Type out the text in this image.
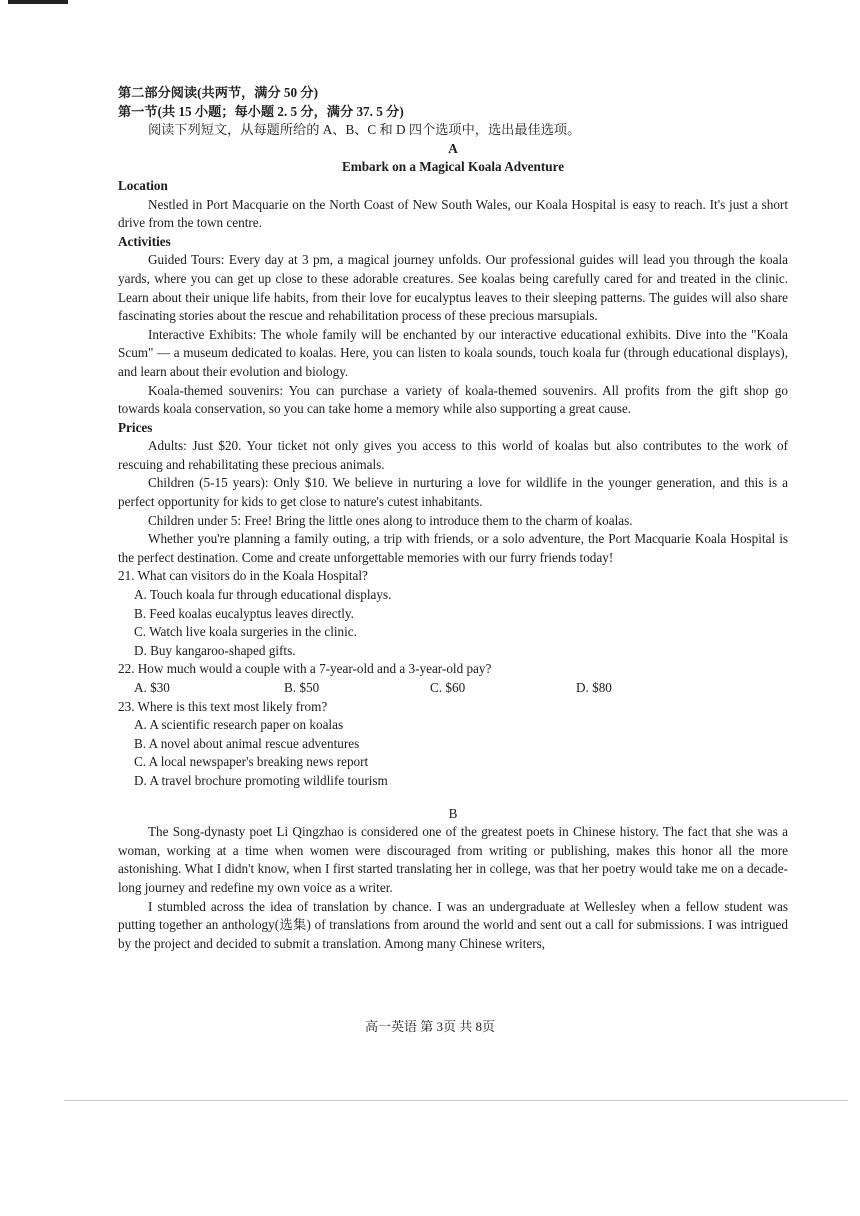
第二部分阅读(共两节，满分 50 分)

第一节(共 15 小题；每小题 2. 5 分，满分 37. 5 分)

阅读下列短文，从每题所给的 A、B、C 和 D 四个选项中，选出最佳选项。

A

Embark on a Magical Koala Adventure

Location

Nestled in Port Macquarie on the North Coast of New South Wales, our Koala Hospital is easy to reach. It's just a short drive from the town centre.

Activities

Guided Tours: Every day at 3 pm, a magical journey unfolds. Our professional guides will lead you through the koala yards, where you can get up close to these adorable creatures. See koalas being carefully cared for and treated in the clinic. Learn about their unique life habits, from their love for eucalyptus leaves to their sleeping patterns. The guides will also share fascinating stories about the rescue and rehabilitation process of these precious marsupials.

Interactive Exhibits: The whole family will be enchanted by our interactive educational exhibits. Dive into the "Koala Scum" — a museum dedicated to koalas. Here, you can listen to koala sounds, touch koala fur (through educational displays), and learn about their evolution and biology.

Koala-themed souvenirs: You can purchase a variety of koala-themed souvenirs. All profits from the gift shop go towards koala conservation, so you can take home a memory while also supporting a great cause.

Prices

Adults: Just $20. Your ticket not only gives you access to this world of koalas but also contributes to the work of rescuing and rehabilitating these precious animals.

Children (5-15 years): Only $10. We believe in nurturing a love for wildlife in the younger generation, and this is a perfect opportunity for kids to get close to nature's cutest inhabitants.

Children under 5: Free! Bring the little ones along to introduce them to the charm of koalas.

Whether you're planning a family outing, a trip with friends, or a solo adventure, the Port Macquarie Koala Hospital is the perfect destination. Come and create unforgettable memories with our furry friends today!

21. What can visitors do in the Koala Hospital?

A. Touch koala fur through educational displays.

B. Feed koalas eucalyptus leaves directly.

C. Watch live koala surgeries in the clinic.

D. Buy kangaroo-shaped gifts.

22. How much would a couple with a 7-year-old and a 3-year-old pay?

A. $30	B. $50	C. $60	D. $80

23. Where is this text most likely from?

A. A scientific research paper on koalas

B. A novel about animal rescue adventures

C. A local newspaper's breaking news report

D. A travel brochure promoting wildlife tourism

B

The Song-dynasty poet Li Qingzhao is considered one of the greatest poets in Chinese history. The fact that she was a woman, working at a time when women were discouraged from writing or publishing, makes this honor all the more astonishing. What I didn't know, when I first started translating her in college, was that her poetry would take me on a decade-long journey and redefine my own voice as a writer.

I stumbled across the idea of translation by chance. I was an undergraduate at Wellesley when a fellow student was putting together an anthology(选集) of translations from around the world and sent out a call for submissions. I was intrigued by the project and decided to submit a translation. Among many Chinese writers,

高一英语 第 3页 共 8页
